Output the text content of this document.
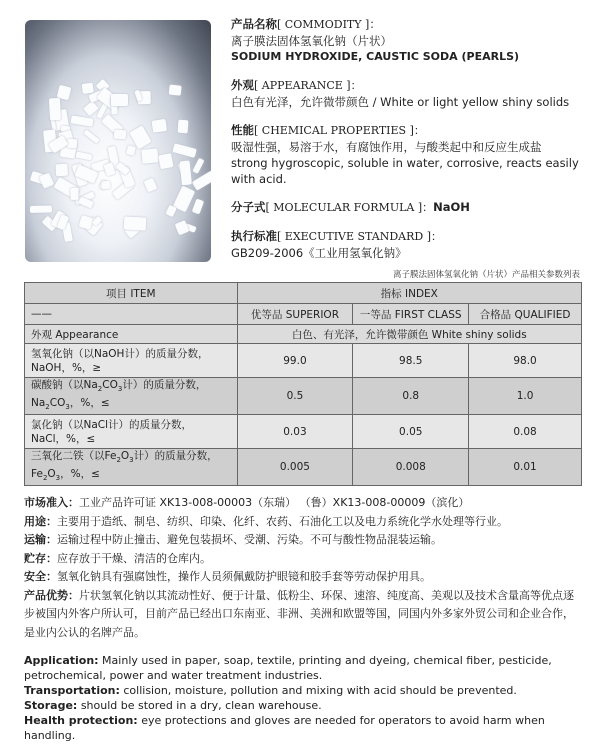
产品名称[ COMMODITY ]：
离子膜法固体氢氧化钠（片状）
SODIUM HYDROXIDE, CAUSTIC SODA (PEARLS)
外观[ APPEARANCE ]：
白色有光泽，允许微带颜色 / White or light yellow shiny solids
性能[ CHEMICAL PROPERTIES ]：
吸湿性强，易溶于水，有腐蚀作用，与酸类起中和反应生成盐
strong hygroscopic, soluble in water, corrosive, reacts easily with acid.
分子式[ MOLECULAR FORMULA ]：NaOH
执行标准[ EXECUTIVE STANDARD ]：
GB209-2006《工业用氢氧化钠》
离子膜法固体氢氧化钠（片状）产品相关参数列表
项目 ITEM	指标 INDEX		
——	优等品 SUPERIOR	一等品 FIRST CLASS	合格品 QUALIFIED
外观 Appearance	白色、有光泽，允许微带颜色 White shiny solids		

氢氧化钠（以NaOH计）的质量分数，
NaOH，%，≥	99.0	98.5	98.0

碳酸钠（以$Na_2CO_3$计）的质量分数，
$Na_2CO_3$，%，≤	0.5	0.8	1.0

氯化钠（以NaCl计）的质量分数，
NaCl，%，≤	0.03	0.05	0.08

三氧化二铁（以$Fe_2O_3$计）的质量分数，
$Fe_2O_3$，%，≤	0.005	0.008	0.01
市场准入：工业产品许可证 XK13-008-00003（东瑞） （鲁）XK13-008-00009（滨化）
用途：主要用于造纸、制皂、纺织、印染、化纤、农药、石油化工以及电力系统化学水处理等行业。
运输：运输过程中防止撞击、避免包装损坏、受潮、污染。不可与酸性物品混装运输。
贮存：应存放于干燥、清洁的仓库内。
安全：氢氧化钠具有强腐蚀性，操作人员须佩戴防护眼镜和胶手套等劳动保护用具。
产品优势：片状氢氧化钠以其流动性好、便于计量、低粉尘、环保、速溶、纯度高、美观以及技术含量高等优点逐
步被国内外客户所认可，目前产品已经出口东南亚、非洲、美洲和欧盟等国，同国内外多家外贸公司和企业合作，
是业内公认的名牌产品。
Application: Mainly used in paper, soap, textile, printing and dyeing, chemical fiber, pesticide, petrochemical, power and water treatment industries.
Transportation: collision, moisture, pollution and mixing with acid should be prevented.
Storage: should be stored in a dry, clean warehouse.
Health protection: eye protections and gloves are needed for operators to avoid harm when handling.
